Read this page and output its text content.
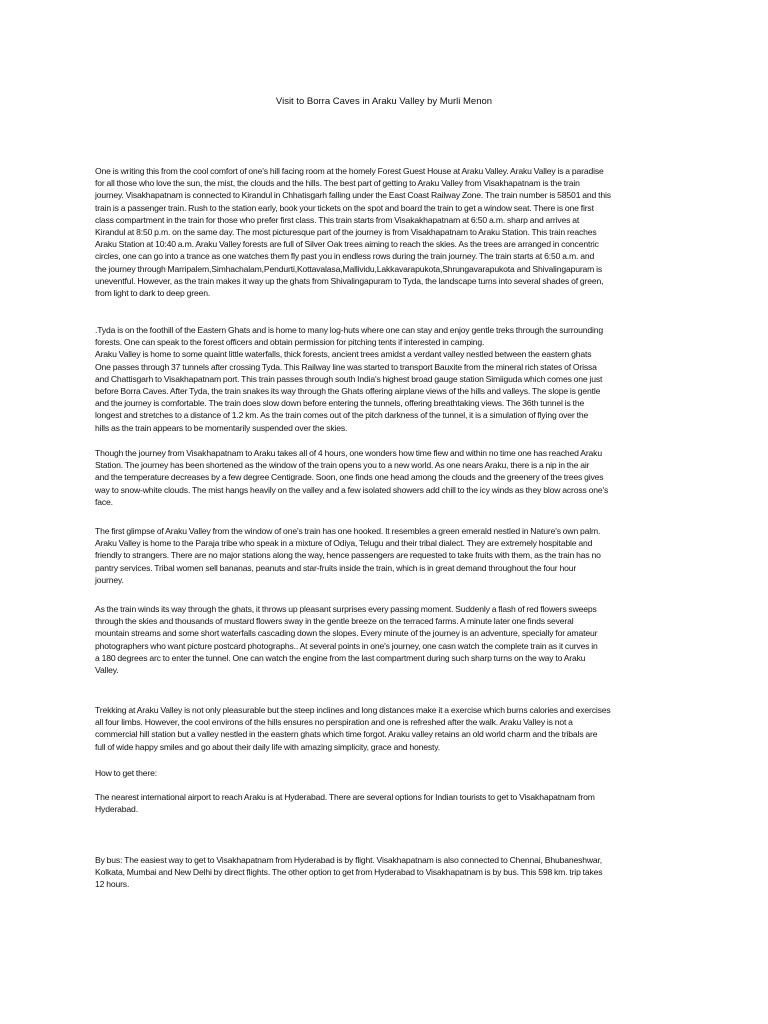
Visit to Borra Caves in Araku Valley by Murli Menon

One is writing this from the cool comfort of one's hill facing room at the homely Forest Guest House at Araku Valley. Araku Valley is a paradise
for all those who love the sun, the mist, the clouds and the hills. The best part of getting to Araku Valley from Visakhapatnam is the train
journey. Visakhapatnam is connected to Kirandul in Chhatisgarh falling under the East Coast Railway Zone. The train number is 58501 and this
train is a passenger train. Rush to the station early, book your tickets on the spot and board the train to get a window seat. There is one first
class compartment in the train for those who prefer first class. This train starts from Visakakhapatnam at 6:50 a.m. sharp and arrives at
Kirandul at 8:50 p.m. on the same day. The most picturesque part of the journey is from Visakhapatnam to Araku Station. This train reaches
Araku Station at 10:40 a.m. Araku Valley forests are full of Silver Oak trees aiming to reach the skies. As the trees are arranged in concentric
circles, one can go into a trance as one watches them fly past you in endless rows during the train journey. The train starts at 6:50 a.m. and
the journey through Marripalem,Simhachalam,Pendurti,Kottavalasa,Mallividu,Lakkavarapukota,Shrungavarapukota and Shivalingapuram is
uneventful. However, as the train makes it way up the ghats from Shivalingapuram to Tyda, the landscape turns into several shades of green,
from light to dark to deep green.

.Tyda is on the foothill of the Eastern Ghats and is home to many log-huts where one can stay and enjoy gentle treks through the surrounding
forests. One can speak to the forest officers and obtain permission for pitching tents if interested in camping.
Araku Valley is home to some quaint little waterfalls, thick forests, ancient trees amidst a verdant valley nestled between the eastern ghats
One passes through 37 tunnels after crossing Tyda. This Railway line was started to transport Bauxite from the mineral rich states of Orissa
and Chattisgarh to Visakhapatnam port. This train passes through south India's highest broad gauge station Simiiguda which comes one just
before Borra Caves. After Tyda, the train snakes its way through the Ghats offering airplane views of the hills and valleys. The slope is gentle
and the journey is comfortable. The train does slow down before entering the tunnels, offering breathtaking views. The 36th tunnel is the
longest and stretches to a distance of 1.2 km. As the train comes out of the pitch darkness of the tunnel, it is a simulation of flying over the
hills as the train appears to be momentarily suspended over the skies.

Though the journey from Visakhapatnam to Araku takes all of 4 hours, one wonders how time flew and within no time one has reached Araku
Station. The journey has been shortened as the window of the train opens you to a new world. As one nears Araku, there is a nip in the air
and the temperature decreases by a few degree Centigrade. Soon, one finds one head among the clouds and the greenery of the trees gives
way to snow-white clouds. The mist hangs heavily on the valley and a few isolated showers add chill to the icy winds as they blow across one's
face.

The first glimpse of Araku Valley from the window of one's train has one hooked. It resembles a green emerald nestled in Nature's own palm.
Araku Valley is home to the Paraja tribe who speak in a mixture of Odiya, Telugu and their tribal dialect. They are extremely hospitable and
friendly to strangers. There are no major stations along the way, hence passengers are requested to take fruits with them, as the train has no
pantry services. Tribal women sell bananas, peanuts and star-fruits inside the train, which is in great demand throughout the four hour
journey.

As the train winds its way through the ghats, it throws up pleasant surprises every passing moment. Suddenly a flash of red flowers sweeps
through the skies and thousands of mustard flowers sway in the gentle breeze on the terraced farms. A minute later one finds several
mountain streams and some short waterfalls cascading down the slopes. Every minute of the journey is an adventure, specially for amateur
photographers who want picture postcard photographs.. At several points in one's journey, one casn watch the complete train as it curves in
a 180 degrees arc to enter the tunnel. One can watch the engine from the last compartment during such sharp turns on the way to Araku
Valley.

Trekking at Araku Valley is not only pleasurable but the steep inclines and long distances make it a exercise which burns calories and exercises
all four limbs. However, the cool environs of the hills ensures no perspiration and one is refreshed after the walk. Araku Valley is not a
commercial hill station but a valley nestled in the eastern ghats which time forgot. Araku valley retains an old world charm and the tribals are
full of wide happy smiles and go about their daily life with amazing simplicity, grace and honesty.

How to get there:

The nearest international airport to reach Araku is at Hyderabad. There are several options for Indian tourists to get to Visakhapatnam from
Hyderabad.

By bus: The easiest way to get to Visakhapatnam from Hyderabad is by flight. Visakhapatnam is also connected to Chennai, Bhubaneshwar,
Kolkata, Mumbai and New Delhi by direct flights. The other option to get from Hyderabad to Visakhapatnam is by bus. This 598 km. trip takes
12 hours.
